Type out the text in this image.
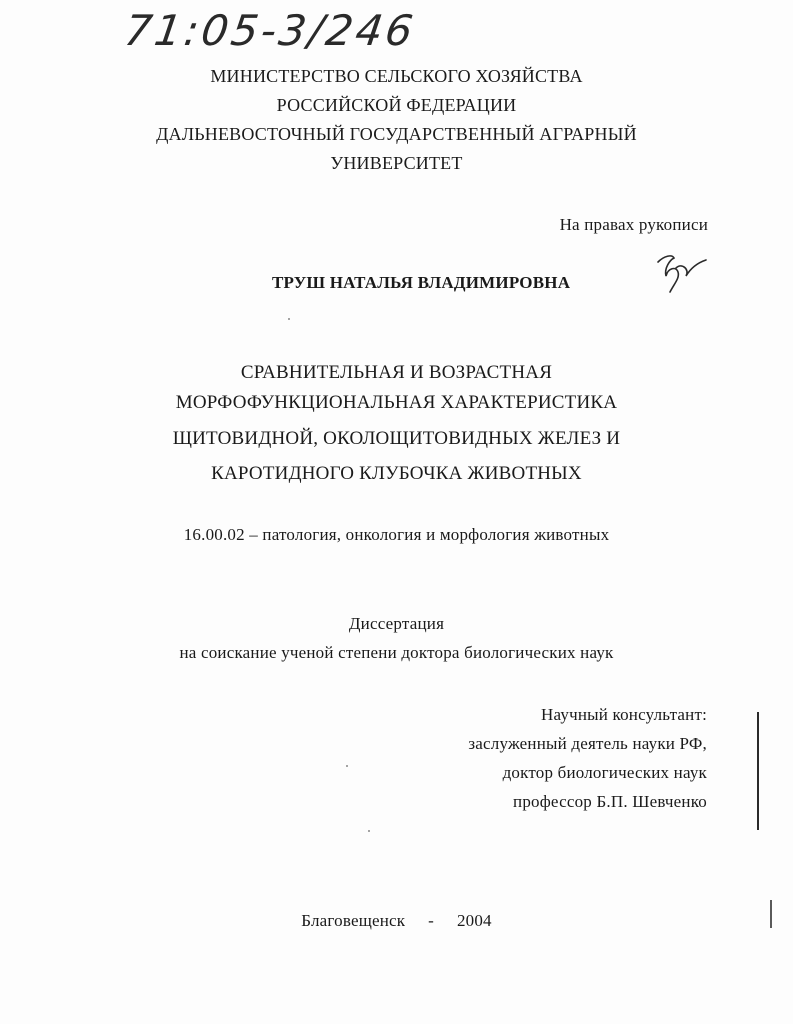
71:05-3/246
МИНИСТЕРСТВО СЕЛЬСКОГО ХОЗЯЙСТВА
РОССИЙСКОЙ ФЕДЕРАЦИИ
ДАЛЬНЕВОСТОЧНЫЙ ГОСУДАРСТВЕННЫЙ АГРАРНЫЙ
УНИВЕРСИТЕТ
На правах рукописи
ТРУШ НАТАЛЬЯ ВЛАДИМИРОВНА
СРАВНИТЕЛЬНАЯ И ВОЗРАСТНАЯ
МОРФОФУНКЦИОНАЛЬНАЯ ХАРАКТЕРИСТИКА
ЩИТОВИДНОЙ, ОКОЛОЩИТОВИДНЫХ ЖЕЛЕЗ И
КАРОТИДНОГО КЛУБОЧКА ЖИВОТНЫХ
16.00.02 – патология, онкология и морфология животных
Диссертация
на соискание ученой степени доктора биологических наук
Научный консультант:
заслуженный деятель науки РФ,
доктор биологических наук
профессор Б.П. Шевченко
Благовещенск - 2004
